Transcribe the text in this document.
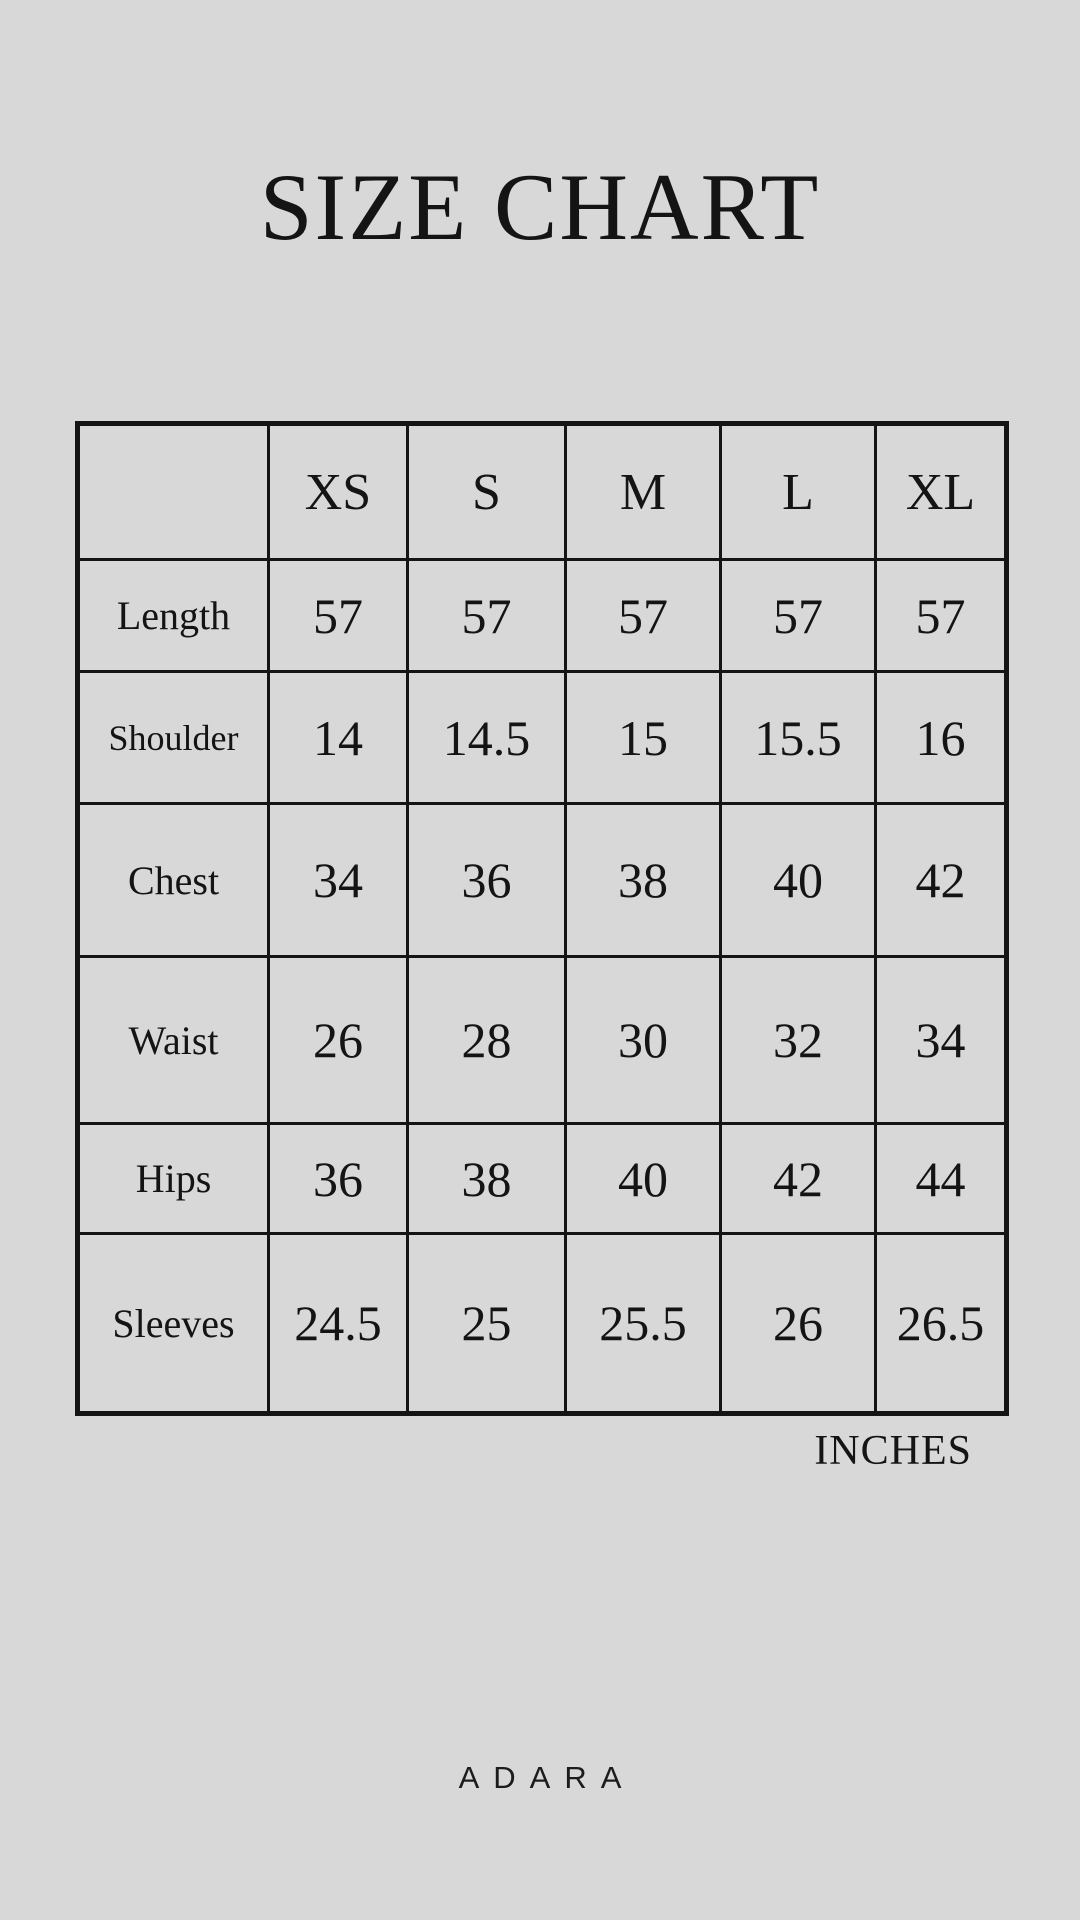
SIZE CHART
	XS	S	M	L	XL
Length	57	57	57	57	57
Shoulder	14	14.5	15	15.5	16
Chest	34	36	38	40	42
Waist	26	28	30	32	34
Hips	36	38	40	42	44
Sleeves	24.5	25	25.5	26	26.5
INCHES
ADARA
